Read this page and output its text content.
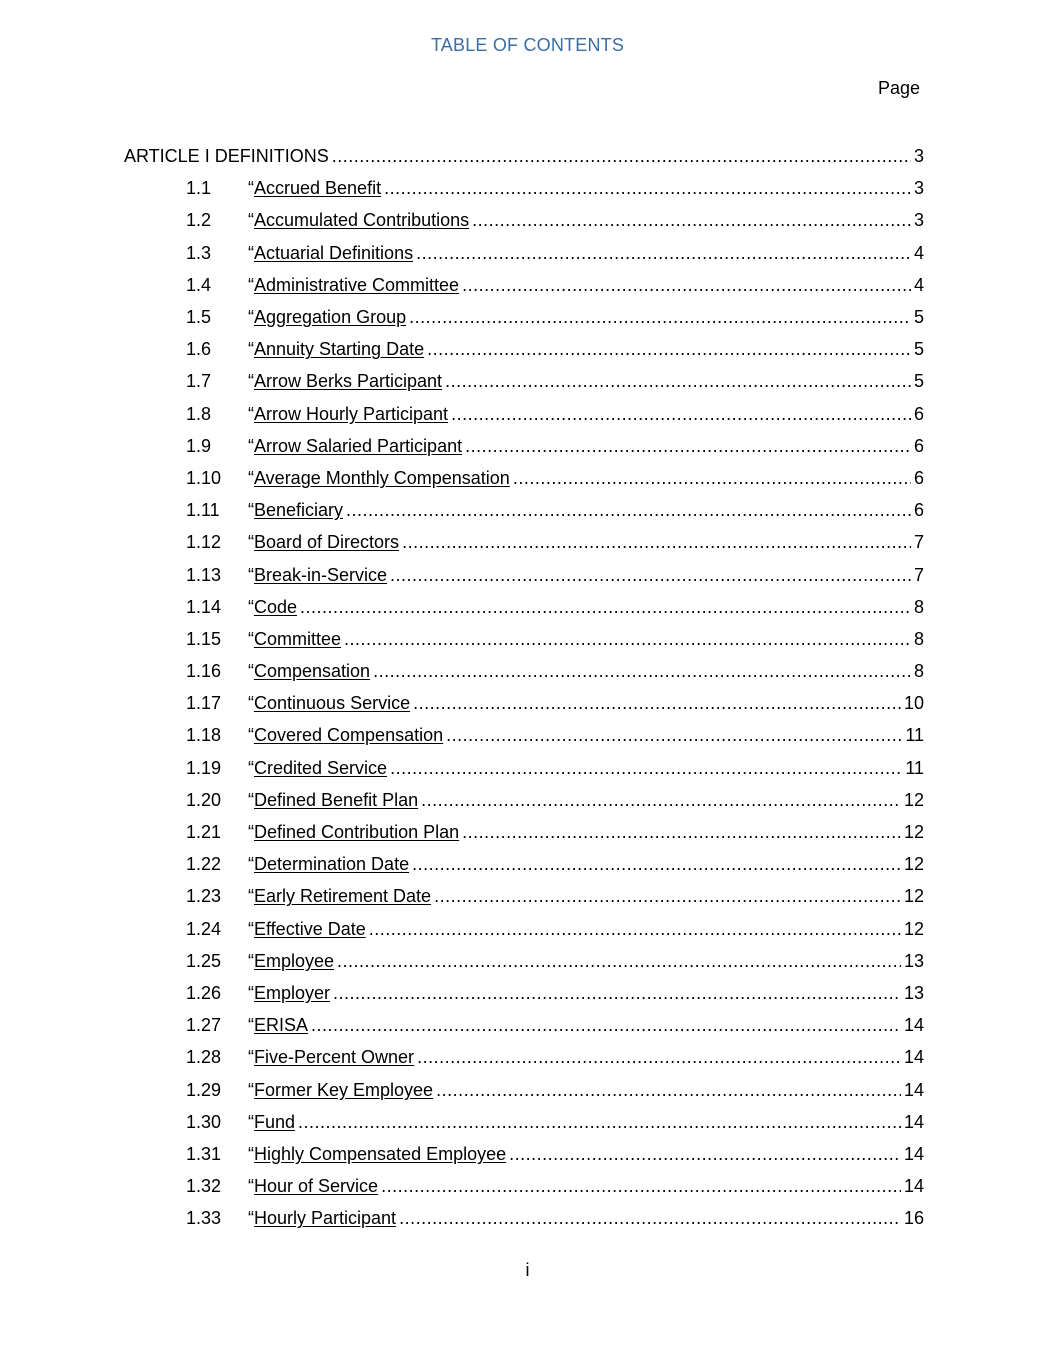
TABLE OF CONTENTS
Page
ARTICLE I DEFINITIONS .....	3
1.1	“Accrued Benefit .....	3
1.2	“Accumulated Contributions .....	3
1.3	“Actuarial Definitions .....	4
1.4	“Administrative Committee .....	4
1.5	“Aggregation Group .....	5
1.6	“Annuity Starting Date .....	5
1.7	“Arrow Berks Participant .....	5
1.8	“Arrow Hourly Participant .....	6
1.9	“Arrow Salaried Participant .....	6
1.10	“Average Monthly Compensation .....	6
1.11	“Beneficiary .....	6
1.12	“Board of Directors .....	7
1.13	“Break-in-Service .....	7
1.14	“Code .....	8
1.15	“Committee .....	8
1.16	“Compensation .....	8
1.17	“Continuous Service .....	10
1.18	“Covered Compensation .....	11
1.19	“Credited Service .....	11
1.20	“Defined Benefit Plan .....	12
1.21	“Defined Contribution Plan .....	12
1.22	“Determination Date .....	12
1.23	“Early Retirement Date .....	12
1.24	“Effective Date .....	12
1.25	“Employee .....	13
1.26	“Employer .....	13
1.27	“ERISA .....	14
1.28	“Five-Percent Owner .....	14
1.29	“Former Key Employee .....	14
1.30	“Fund .....	14
1.31	“Highly Compensated Employee .....	14
1.32	“Hour of Service .....	14
1.33	“Hourly Participant .....	16
i
